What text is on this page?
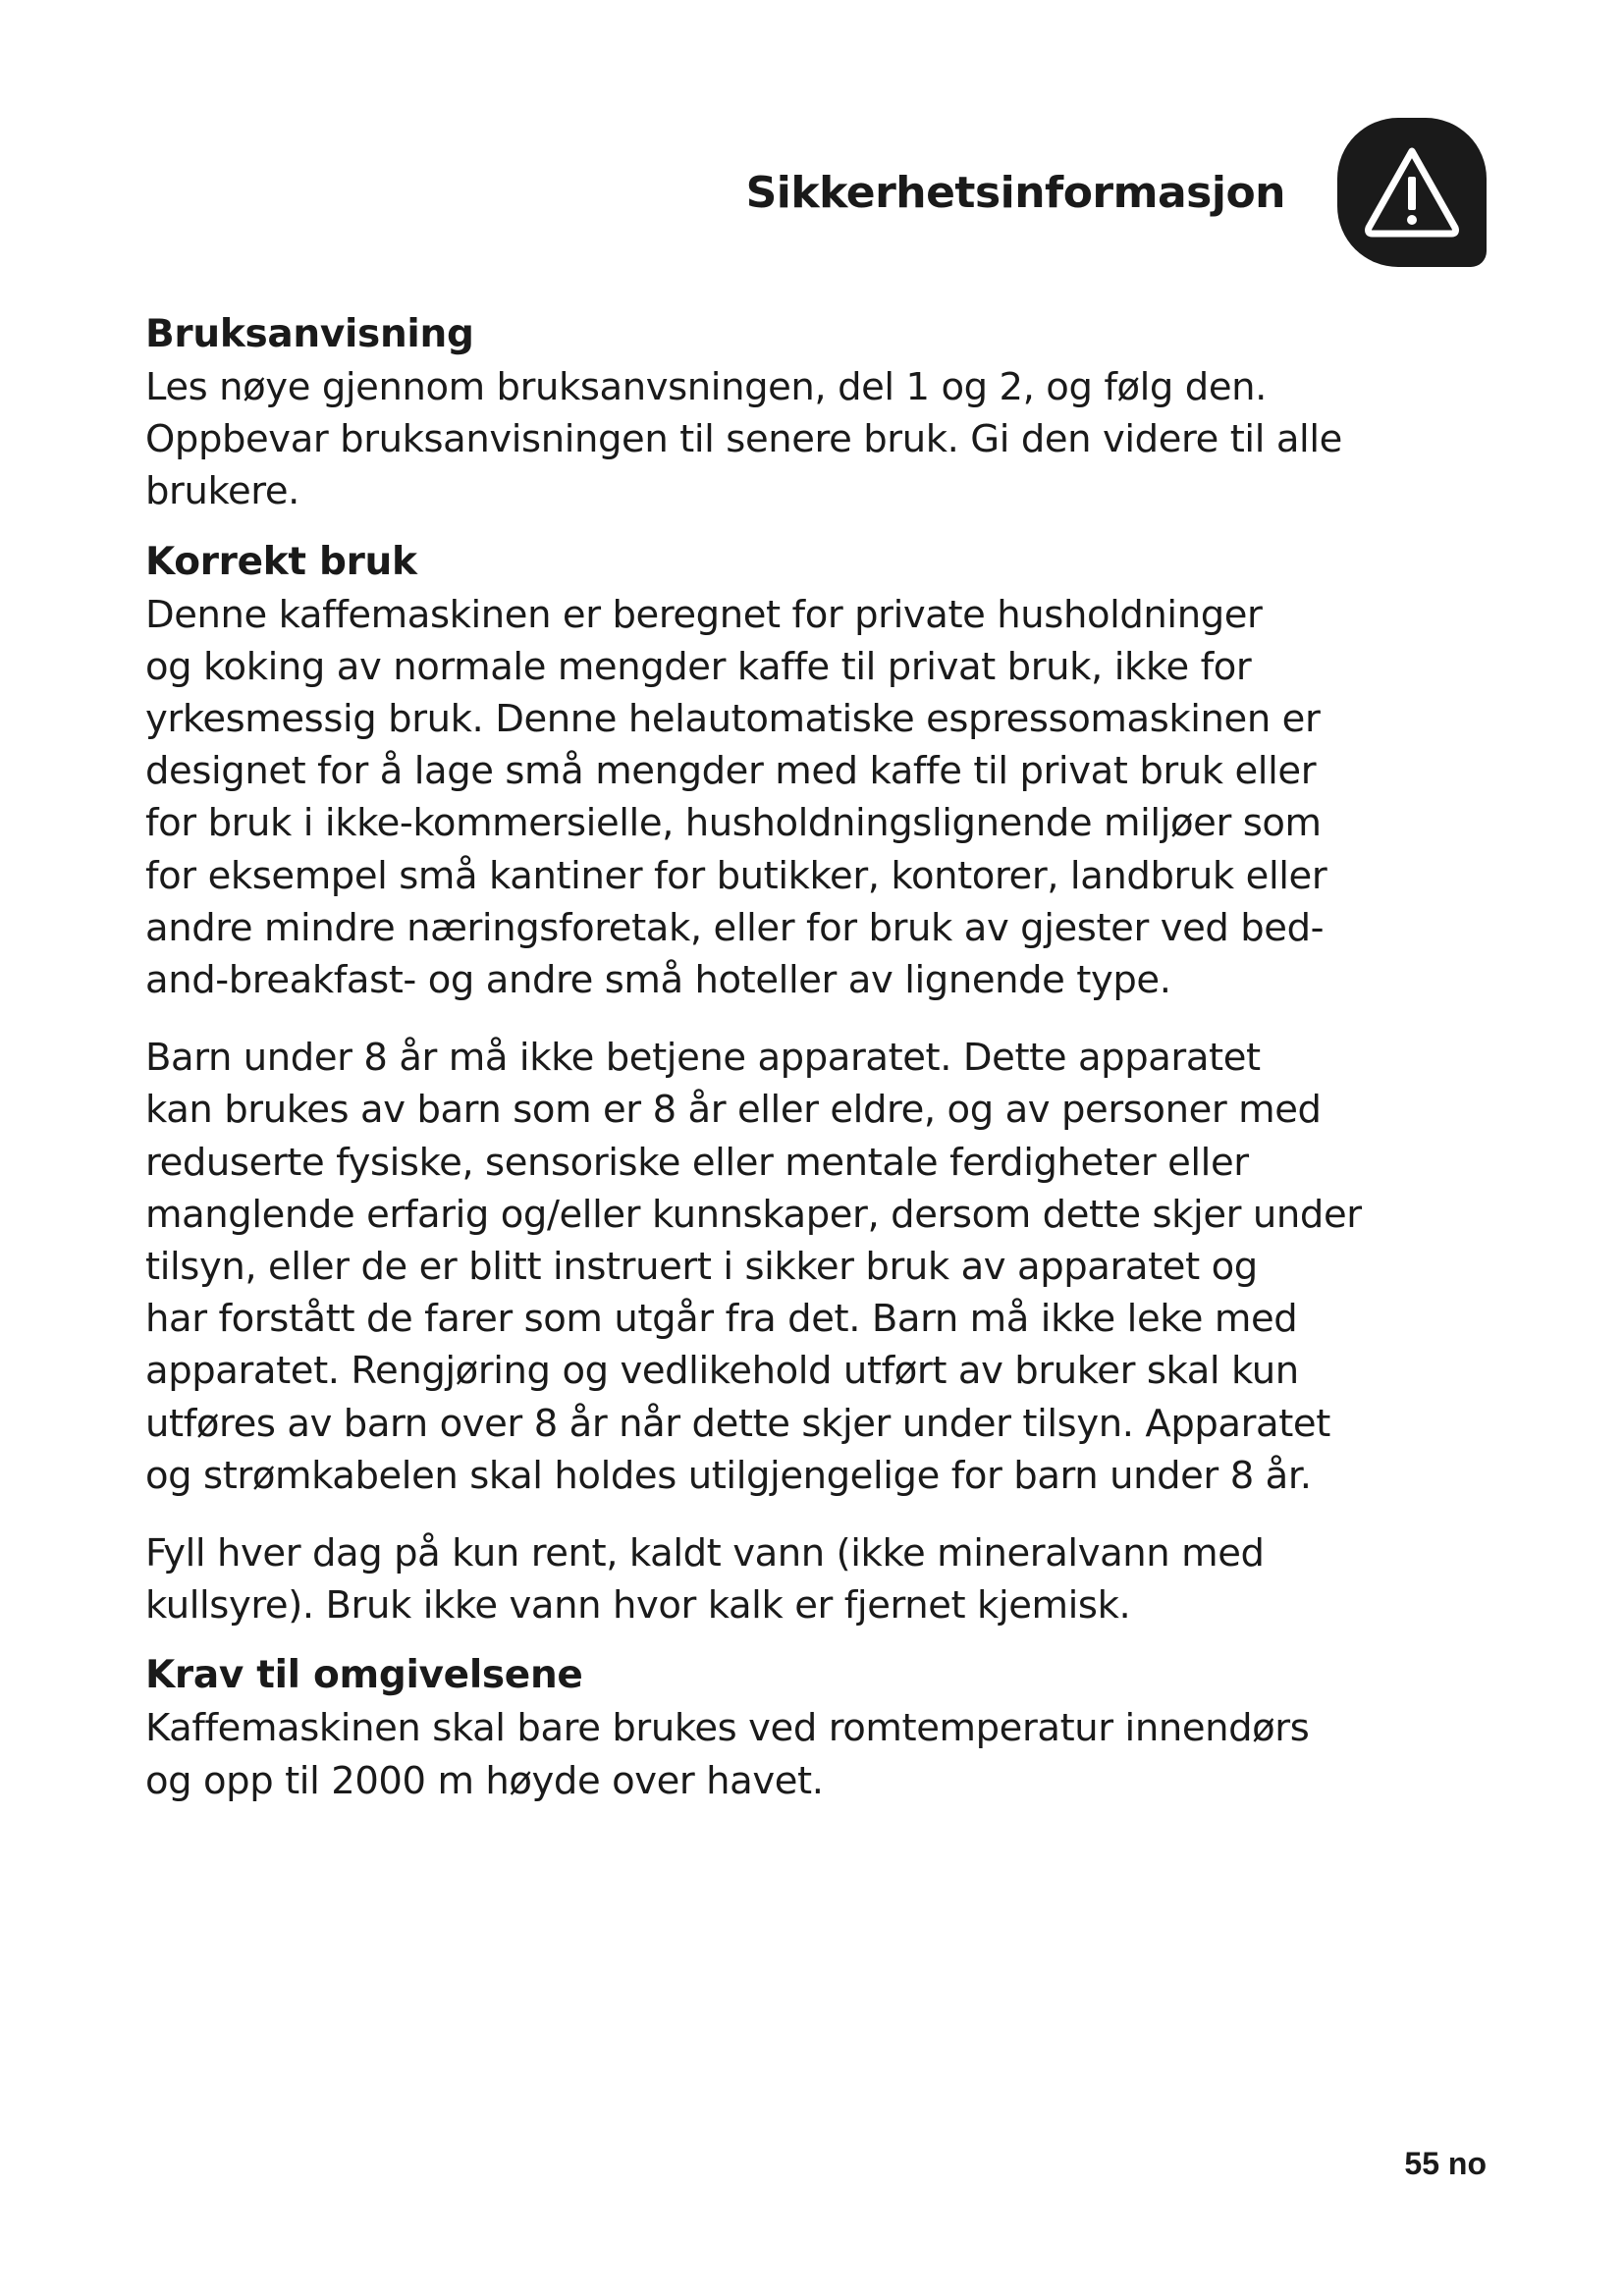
Sikkerhetsinformasjon
Bruksanvisning

Les nøye gjennom bruksanvsningen, del 1 og 2, og følg den.
Oppbevar bruksanvisningen til senere bruk. Gi den videre til alle
brukere.

Korrekt bruk

Denne kaffemaskinen er beregnet for private husholdninger
og koking av normale mengder kaffe til privat bruk, ikke for
yrkesmessig bruk. Denne helautomatiske espressomaskinen er
designet for å lage små mengder med kaffe til privat bruk eller
for bruk i ikke-kommersielle, husholdningslignende miljøer som
for eksempel små kantiner for butikker, kontorer, landbruk eller
andre mindre næringsforetak, eller for bruk av gjester ved bed-
and-breakfast- og andre små hoteller av lignende type.

Barn under 8 år må ikke betjene apparatet. Dette apparatet
kan brukes av barn som er 8 år eller eldre, og av personer med
reduserte fysiske, sensoriske eller mentale ferdigheter eller
manglende erfarig og/eller kunnskaper, dersom dette skjer under
tilsyn, eller de er blitt instruert i sikker bruk av apparatet og
har forstått de farer som utgår fra det. Barn må ikke leke med
apparatet. Rengjøring og vedlikehold utført av bruker skal kun
utføres av barn over 8 år når dette skjer under tilsyn. Apparatet
og strømkabelen skal holdes utilgjengelige for barn under 8 år.

Fyll hver dag på kun rent, kaldt vann (ikke mineralvann med
kullsyre). Bruk ikke vann hvor kalk er fjernet kjemisk.

Krav til omgivelsene

Kaffemaskinen skal bare brukes ved romtemperatur innendørs
og opp til 2000 m høyde over havet.

55 no
